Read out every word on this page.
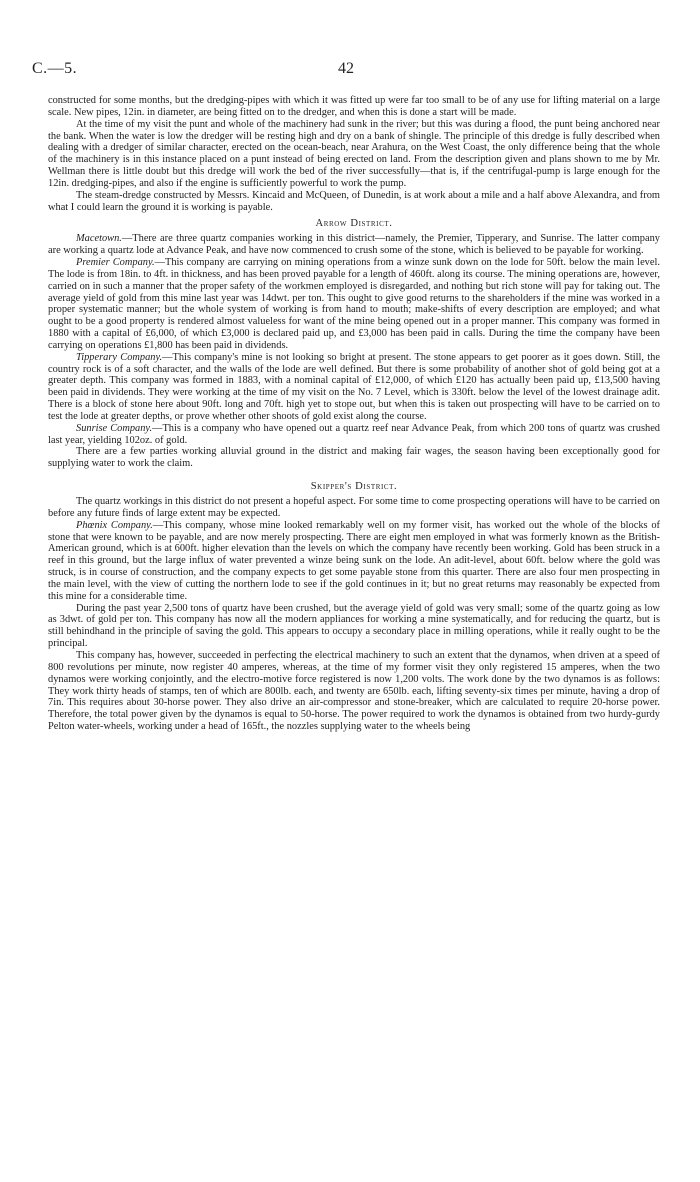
C.—5.	42

constructed for some months, but the dredging-pipes with which it was fitted up were far too small to be of any use for lifting material on a large scale. New pipes, 12in. in diameter, are being fitted on to the dredger, and when this is done a start will be made.

At the time of my visit the punt and whole of the machinery had sunk in the river; but this was during a flood, the punt being anchored near the bank. When the water is low the dredger will be resting high and dry on a bank of shingle. The principle of this dredge is fully described when dealing with a dredger of similar character, erected on the ocean-beach, near Arahura, on the West Coast, the only difference being that the whole of the machinery is in this instance placed on a punt instead of being erected on land. From the description given and plans shown to me by Mr. Wellman there is little doubt but this dredge will work the bed of the river successfully—that is, if the centrifugal-pump is large enough for the 12in. dredging-pipes, and also if the engine is sufficiently powerful to work the pump.

The steam-dredge constructed by Messrs. Kincaid and McQueen, of Dunedin, is at work about a mile and a half above Alexandra, and from what I could learn the ground it is working is payable.

Arrow District.

Macetown.—There are three quartz companies working in this district—namely, the Premier, Tipperary, and Sunrise. The latter company are working a quartz lode at Advance Peak, and have now commenced to crush some of the stone, which is believed to be payable for working.

Premier Company.—This company are carrying on mining operations from a winze sunk down on the lode for 50ft. below the main level. The lode is from 18in. to 4ft. in thickness, and has been proved payable for a length of 460ft. along its course. The mining operations are, however, carried on in such a manner that the proper safety of the workmen employed is disregarded, and nothing but rich stone will pay for taking out. The average yield of gold from this mine last year was 14dwt. per ton. This ought to give good returns to the shareholders if the mine was worked in a proper systematic manner; but the whole system of working is from hand to mouth; make-shifts of every description are employed; and what ought to be a good property is rendered almost valueless for want of the mine being opened out in a proper manner. This company was formed in 1880 with a capital of £6,000, of which £3,000 is declared paid up, and £3,000 has been paid in calls. During the time the company have been carrying on operations £1,800 has been paid in dividends.

Tipperary Company.—This company's mine is not looking so bright at present. The stone appears to get poorer as it goes down. Still, the country rock is of a soft character, and the walls of the lode are well defined. But there is some probability of another shot of gold being got at a greater depth. This company was formed in 1883, with a nominal capital of £12,000, of which £120 has actually been paid up, £13,500 having been paid in dividends. They were working at the time of my visit on the No. 7 Level, which is 330ft. below the level of the lowest drainage adit. There is a block of stone here about 90ft. long and 70ft. high yet to stope out, but when this is taken out prospecting will have to be carried on to test the lode at greater depths, or prove whether other shoots of gold exist along the course.

Sunrise Company.—This is a company who have opened out a quartz reef near Advance Peak, from which 200 tons of quartz was crushed last year, yielding 102oz. of gold.

There are a few parties working alluvial ground in the district and making fair wages, the season having been exceptionally good for supplying water to work the claim.

Skipper's District.

The quartz workings in this district do not present a hopeful aspect. For some time to come prospecting operations will have to be carried on before any future finds of large extent may be expected.

Phœnix Company.—This company, whose mine looked remarkably well on my former visit, has worked out the whole of the blocks of stone that were known to be payable, and are now merely prospecting. There are eight men employed in what was formerly known as the British-American ground, which is at 600ft. higher elevation than the levels on which the company have recently been working. Gold has been struck in a reef in this ground, but the large influx of water prevented a winze being sunk on the lode. An adit-level, about 60ft. below where the gold was struck, is in course of construction, and the company expects to get some payable stone from this quarter. There are also four men prospecting in the main level, with the view of cutting the northern lode to see if the gold continues in it; but no great returns may reasonably be expected from this mine for a considerable time.

During the past year 2,500 tons of quartz have been crushed, but the average yield of gold was very small; some of the quartz going as low as 3dwt. of gold per ton. This company has now all the modern appliances for working a mine systematically, and for reducing the quartz, but is still behindhand in the principle of saving the gold. This appears to occupy a secondary place in milling operations, while it really ought to be the principal.

This company has, however, succeeded in perfecting the electrical machinery to such an extent that the dynamos, when driven at a speed of 800 revolutions per minute, now register 40 amperes, whereas, at the time of my former visit they only registered 15 amperes, when the two dynamos were working conjointly, and the electro-motive force registered is now 1,200 volts. The work done by the two dynamos is as follows: They work thirty heads of stamps, ten of which are 800lb. each, and twenty are 650lb. each, lifting seventy-six times per minute, having a drop of 7in. This requires about 30-horse power. They also drive an air-compressor and stone-breaker, which are calculated to require 20-horse power. Therefore, the total power given by the dynamos is equal to 50-horse. The power required to work the dynamos is obtained from two hurdy-gurdy Pelton water-wheels, working under a head of 165ft., the nozzles supplying water to the wheels being
